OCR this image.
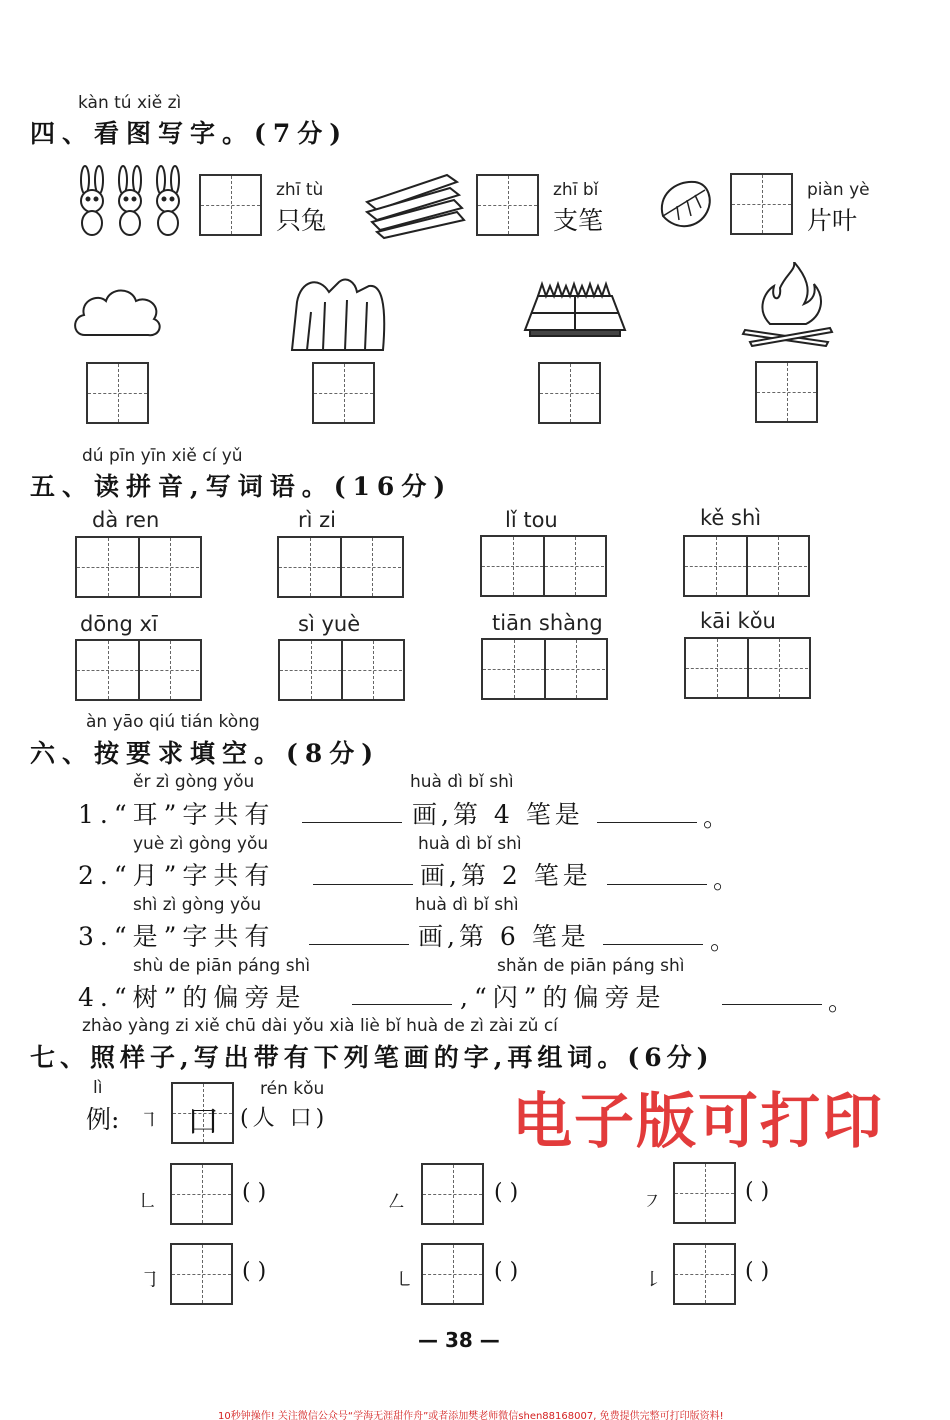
kàn tú xiě zì
四、看图写字。(7分)
zhī tù
只兔
zhī bǐ
支笔
piàn yè
片叶
dú pīn yīn xiě cí yǔ
五、读拼音,写词语。(16分)
dà ren	rì zi	lǐ tou	kě shì
dōng xī	sì yuè	tiān shàng	kāi kǒu
àn yāo qiú tián kòng
六、按要求填空。(8分)
ěr zì gòng yǒu	huà dì bǐ shì
1.“耳”字共有	画,第 4 笔是	。
yuè zì gòng yǒu	huà dì bǐ shì
2.“月”字共有	画,第 2 笔是	。
shì zì gòng yǒu	huà dì bǐ shì
3.“是”字共有	画,第 6 笔是	。
shù de piān páng shì	shǎn de piān páng shì
4.“树”的偏旁是	,“闪”的偏旁是	。
zhào yàng zi xiě chū dài yǒu xià liè bǐ huà de zì zài zǔ cí
七、照样子,写出带有下列笔画的字,再组词。(6分)
lì
例: ㇕ 口
rén kǒu
(人 口)	电子版可打印
㇗	( )	㇜	( )	㇇	( )
㇆	( )	㇄	( )	㇙	( )
— 38 —
10秒钟操作! 关注微信公众号“学海无涯甜作舟”或者添加樊老师微信shen88168007, 免费提供完整可打印版资料!
